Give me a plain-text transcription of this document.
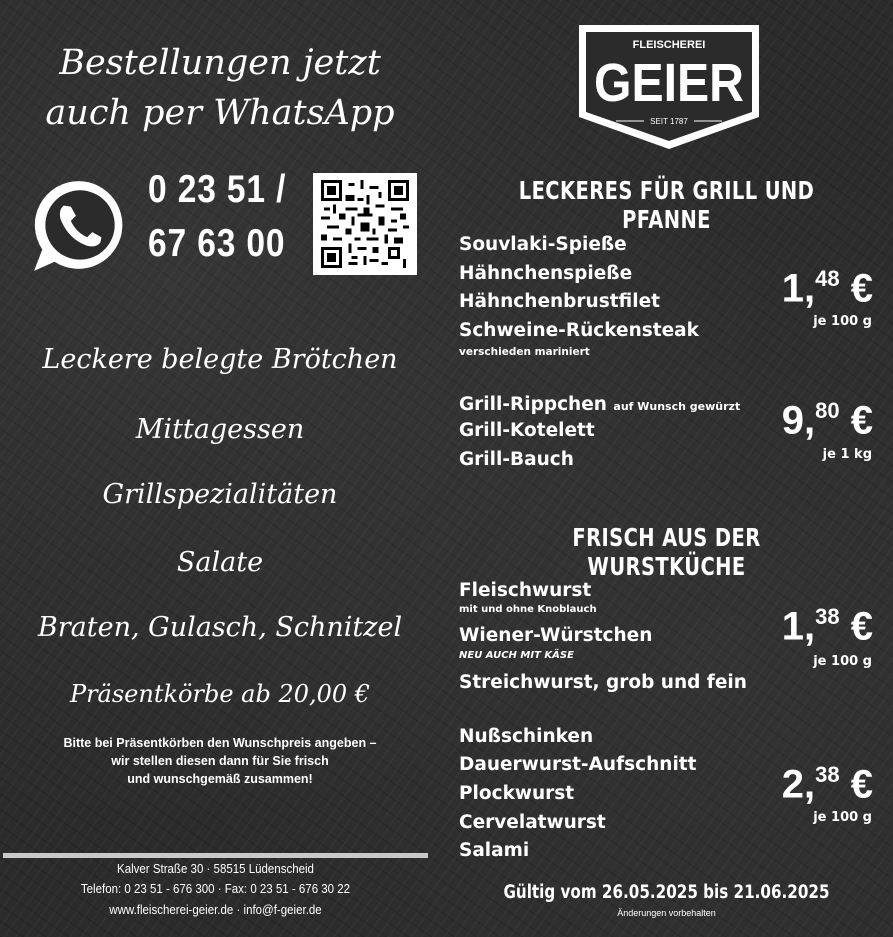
Bestellungen jetzt
auch per WhatsApp
0 23 51 /
67 63 00
Leckere belegte Brötchen
Mittagessen
Grillspezialitäten
Salate
Braten, Gulasch, Schnitzel
Präsentkörbe ab 20,00 €
Bitte bei Präsentkörben den Wunschpreis angeben –
wir stellen diesen dann für Sie frisch
und wunschgemäß zusammen!
Kalver Straße 30 · 58515 Lüdenscheid
Telefon: 0 23 51 - 676 300 · Fax: 0 23 51 - 676 30 22
www.fleischerei-geier.de · info@f-geier.de
FLEISCHEREI
GEIER
SEIT 1787
LECKERES FÜR GRILL UND PFANNE
Souvlaki-Spieße
Hähnchenspieße
Hähnchenbrustfilet
Schweine-Rückensteak
verschieden mariniert
1,48 €
je 100 g
Grill-Rippchen auf Wunsch gewürzt
Grill-Kotelett
Grill-Bauch
9,80 €
je 1 kg
FRISCH AUS DER WURSTKÜCHE
Fleischwurst
mit und ohne Knoblauch
Wiener-Würstchen
NEU AUCH MIT KÄSE
Streichwurst, grob und fein
1,38 €
je 100 g
Nußschinken
Dauerwurst-Aufschnitt
Plockwurst
Cervelatwurst
Salami
2,38 €
je 100 g
Gültig vom 26.05.2025 bis 21.06.2025
Änderungen vorbehalten
